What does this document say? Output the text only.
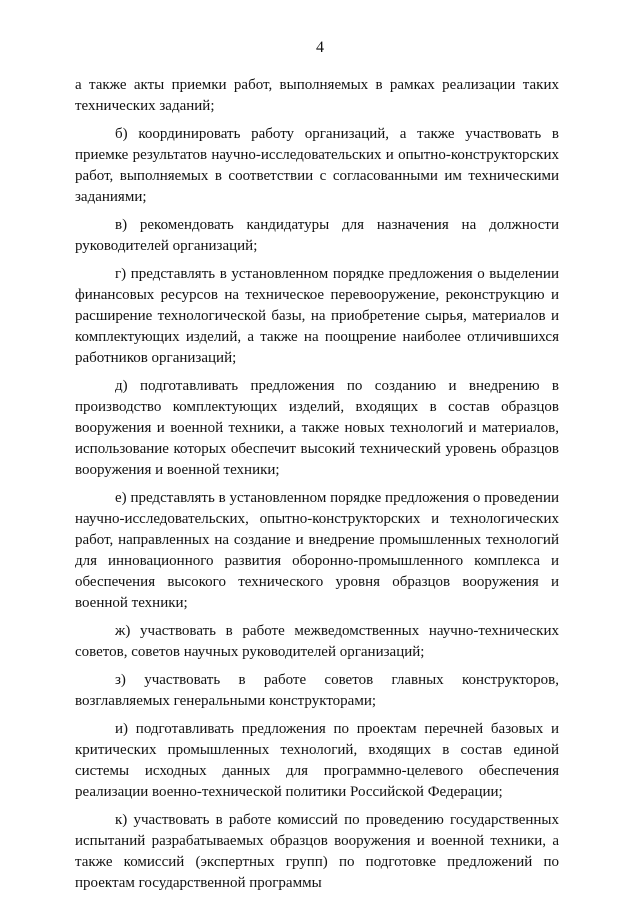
4

а также акты приемки работ, выполняемых в рамках реализации таких технических заданий;

б) координировать работу организаций, а также участвовать в приемке результатов научно-исследовательских и опытно-конструкторских работ, выполняемых в соответствии с согласованными им техническими заданиями;

в) рекомендовать кандидатуры для назначения на должности руководителей организаций;

г) представлять в установленном порядке предложения о выделении финансовых ресурсов на техническое перевооружение, реконструкцию и расширение технологической базы, на приобретение сырья, материалов и комплектующих изделий, а также на поощрение наиболее отличившихся работников организаций;

д) подготавливать предложения по созданию и внедрению в производство комплектующих изделий, входящих в состав образцов вооружения и военной техники, а также новых технологий и материалов, использование которых обеспечит высокий технический уровень образцов вооружения и военной техники;

е) представлять в установленном порядке предложения о проведении научно-исследовательских, опытно-конструкторских и технологических работ, направленных на создание и внедрение промышленных технологий для инновационного развития оборонно-промышленного комплекса и обеспечения высокого технического уровня образцов вооружения и военной техники;

ж) участвовать в работе межведомственных научно-технических советов, советов научных руководителей организаций;

з) участвовать в работе советов главных конструкторов, возглавляемых генеральными конструкторами;

и) подготавливать предложения по проектам перечней базовых и критических промышленных технологий, входящих в состав единой системы исходных данных для программно-целевого обеспечения реализации военно-технической политики Российской Федерации;

к) участвовать в работе комиссий по проведению государственных испытаний разрабатываемых образцов вооружения и военной техники, а также комиссий (экспертных групп) по подготовке предложений по проектам государственной программы
